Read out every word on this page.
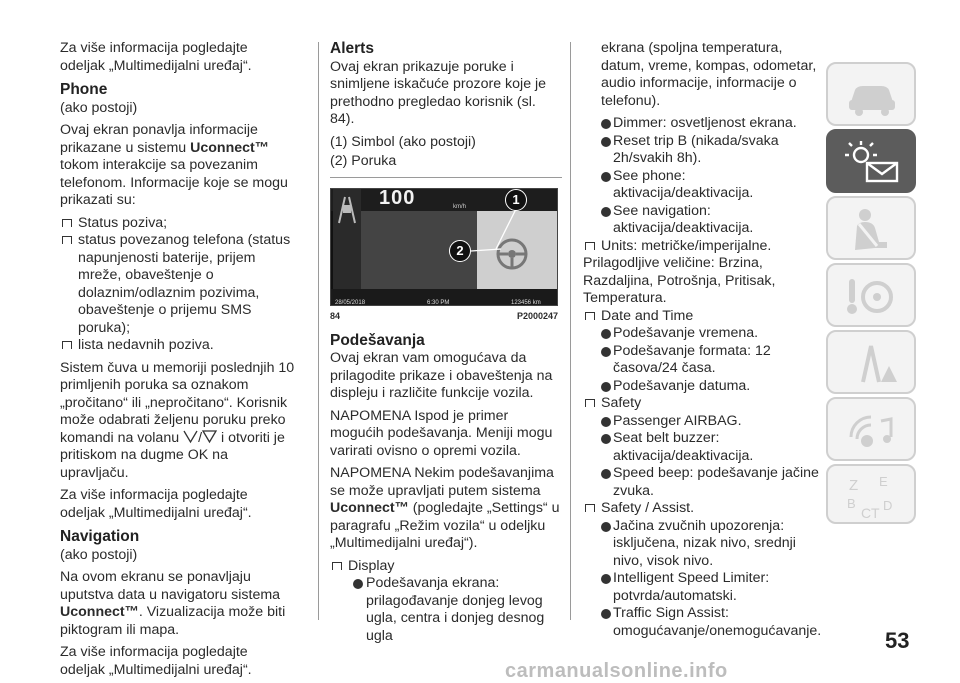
Za više informacija pogledajte odeljak „Multimedijalni uređaj“.

Phone

(ako postoji)

Ovaj ekran ponavlja informacije prikazane u sistemu Uconnect™ tokom interakcije sa povezanim telefonom. Informacije koje se mogu prikazati su:

Status poziva;
status povezanog telefona (status napunjenosti baterije, prijem mreže, obaveštenje o dolaznim/odlaznim pozivima, obaveštenje o prijemu SMS poruka);
lista nedavnih poziva.

Sistem čuva u memoriji poslednjih 10 primljenih poruka sa oznakom „pročitano“ ili „nepročitano“. Korisnik može odabrati željenu poruku preko komandi na volanu / i otvoriti je pritiskom na dugme OK na upravljaču.

Za više informacija pogledajte odeljak „Multimedijalni uređaj“.

Navigation

(ako postoji)

Na ovom ekranu se ponavljaju uputstva data u navigatoru sistema Uconnect™. Vizualizacija može biti piktogram ili mapa.

Za više informacija pogledajte odeljak „Multimedijalni uređaj“.

Alerts

Ovaj ekran prikazuje poruke i snimljene iskačuće prozore koje je prethodno pregledao korisnik (sl. 84).

(1) Simbol (ako postoji)

(2) Poruka

100	km/h
28/05/2018	6:30 PM	123456 km
1
2
84	P2000247
Podešavanja

Ovaj ekran vam omogućava da prilagodite prikaze i obaveštenja na displeju i različite funkcije vozila.

NAPOMENA Ispod je primer mogućih podešavanja. Meniji mogu varirati ovisno o opremi vozila.

NAPOMENA Nekim podešavanjima se može upravljati putem sistema Uconnect™ (pogledajte „Settings“ u paragrafu „Režim vozila“ u odeljku „Multimedijalni uređaj“).

Display
Podešavanja ekrana: prilagođavanje donjeg levog ugla, centra i donjeg desnog ugla

ekrana (spoljna temperatura, datum, vreme, kompas, odometar, audio informacije, informacije o telefonu).

Dimmer: osvetljenost ekrana.
Reset trip B (nikada/svaka 2h/svakih 8h).
See phone: aktivacija/deaktivacija.
See navigation: aktivacija/deaktivacija.
Units: metričke/imperijalne.

Prilagodljive veličine: Brzina, Razdaljina, Potrošnja, Pritisak, Temperatura.

Date and Time
Podešavanje vremena.
Podešavanje formata: 12 časova/24 časa.
Podešavanje datuma.
Safety
Passenger AIRBAG.
Seat belt buzzer: aktivacija/deaktivacija.
Speed beep: podešavanje jačine zvuka.
Safety / Assist.
Jačina zvučnih upozorenja: isključena, nizak nivo, srednji nivo, visok nivo.
Intelligent Speed Limiter: potvrda/automatski.
Traffic Sign Assist: omogućavanje/onemogućavanje.
Z E
B
C T D
53
carmanualsonline.info
